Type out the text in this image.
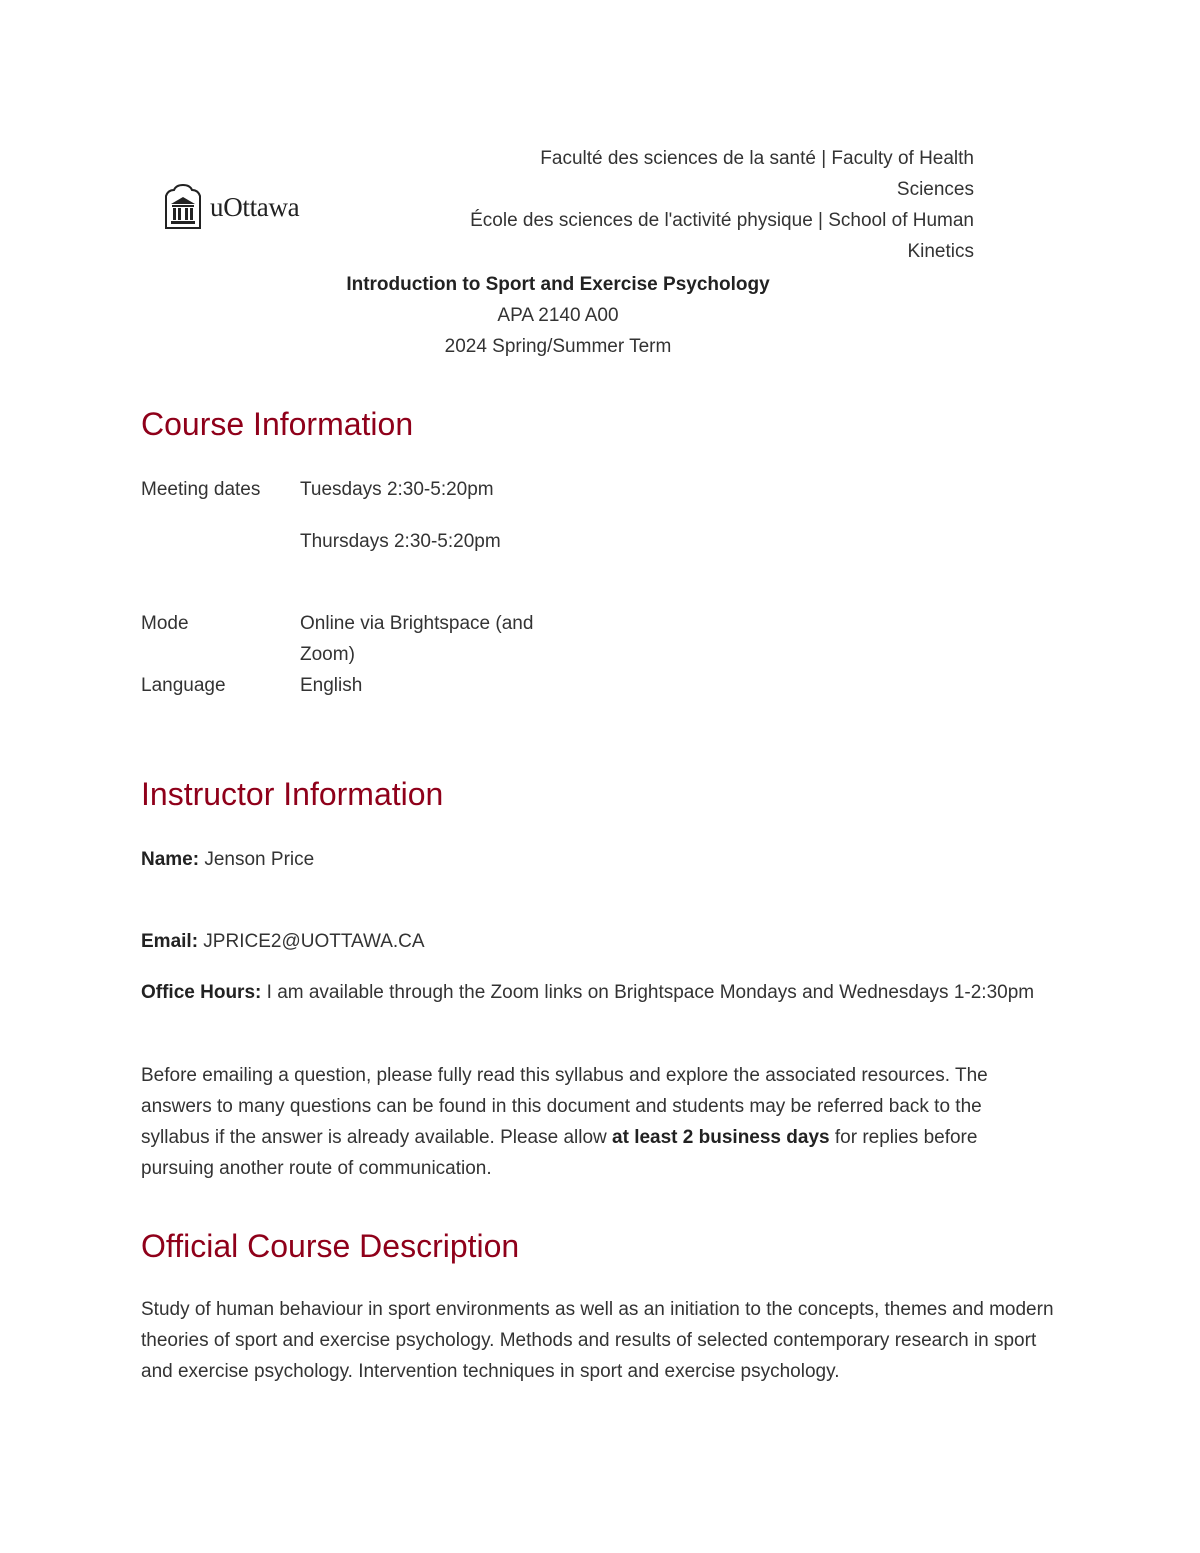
uOttawa
Faculté des sciences de la santé | Faculty of Health
Sciences
École des sciences de l'activité physique | School of Human
Kinetics
Introduction to Sport and Exercise Psychology
APA 2140 A00
2024 Spring/Summer Term
Course Information
Meeting dates Tuesdays 2:30-5:20pm
Thursdays 2:30-5:20pm
Mode	Online via Brightspace (and
Zoom)
Language	English
Instructor Information
Name: Jenson Price
Email: JPRICE2@UOTTAWA.CA
Office Hours: I am available through the Zoom links on Brightspace Mondays and Wednesdays 1-2:30pm
Before emailing a question, please fully read this syllabus and explore the associated resources. The answers to many questions can be found in this document and students may be referred back to the syllabus if the answer is already available. Please allow at least 2 business days for replies before pursuing another route of communication.
Official Course Description
Study of human behaviour in sport environments as well as an initiation to the concepts, themes and modern theories of sport and exercise psychology. Methods and results of selected contemporary research in sport and exercise psychology. Intervention techniques in sport and exercise psychology.
